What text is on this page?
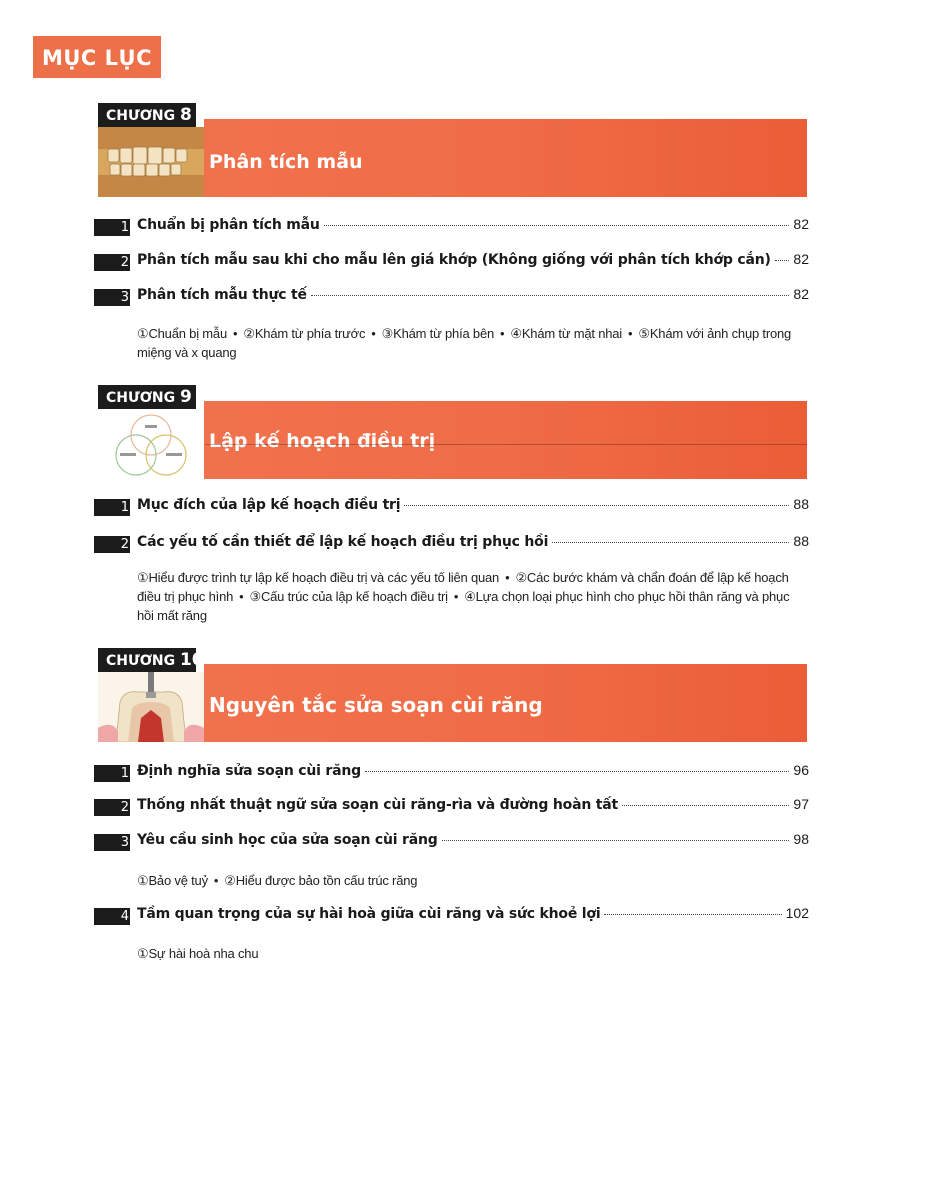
MỤC LỤC
CHƯƠNG 8
Phân tích mẫu
1 Chuẩn bị phân tích mẫu	82
2 Phân tích mẫu sau khi cho mẫu lên giá khớp (Không giống với phân tích khớp cắn) 82
3 Phân tích mẫu thực tế	82
①Chuẩn bị mẫu • ②Khám từ phía trước • ③Khám từ phía bên • ④Khám từ mặt nhai • ⑤Khám với ảnh chụp trong miệng và x quang
CHƯƠNG 9
Lập kế hoạch điều trị
1 Mục đích của lập kế hoạch điều trị	88
2 Các yếu tố cần thiết để lập kế hoạch điều trị phục hồi	88
①Hiểu được trình tự lập kế hoạch điều trị và các yếu tố liên quan • ②Các bước khám và chẩn đoán để lập kế hoạch điều trị phục hình • ③Cấu trúc của lập kế hoạch điều trị • ④Lựa chọn loại phục hình cho phục hồi thân răng và phục hồi mất răng
CHƯƠNG 10
Nguyên tắc sửa soạn cùi răng
1 Định nghĩa sửa soạn cùi răng	96
2 Thống nhất thuật ngữ sửa soạn cùi răng-rìa và đường hoàn tất	97
3 Yêu cầu sinh học của sửa soạn cùi răng	98
①Bảo vệ tuỷ • ②Hiểu được bảo tồn cấu trúc răng
4 Tầm quan trọng của sự hài hoà giữa cùi răng và sức khoẻ lợi	102
①Sự hài hoà nha chu
